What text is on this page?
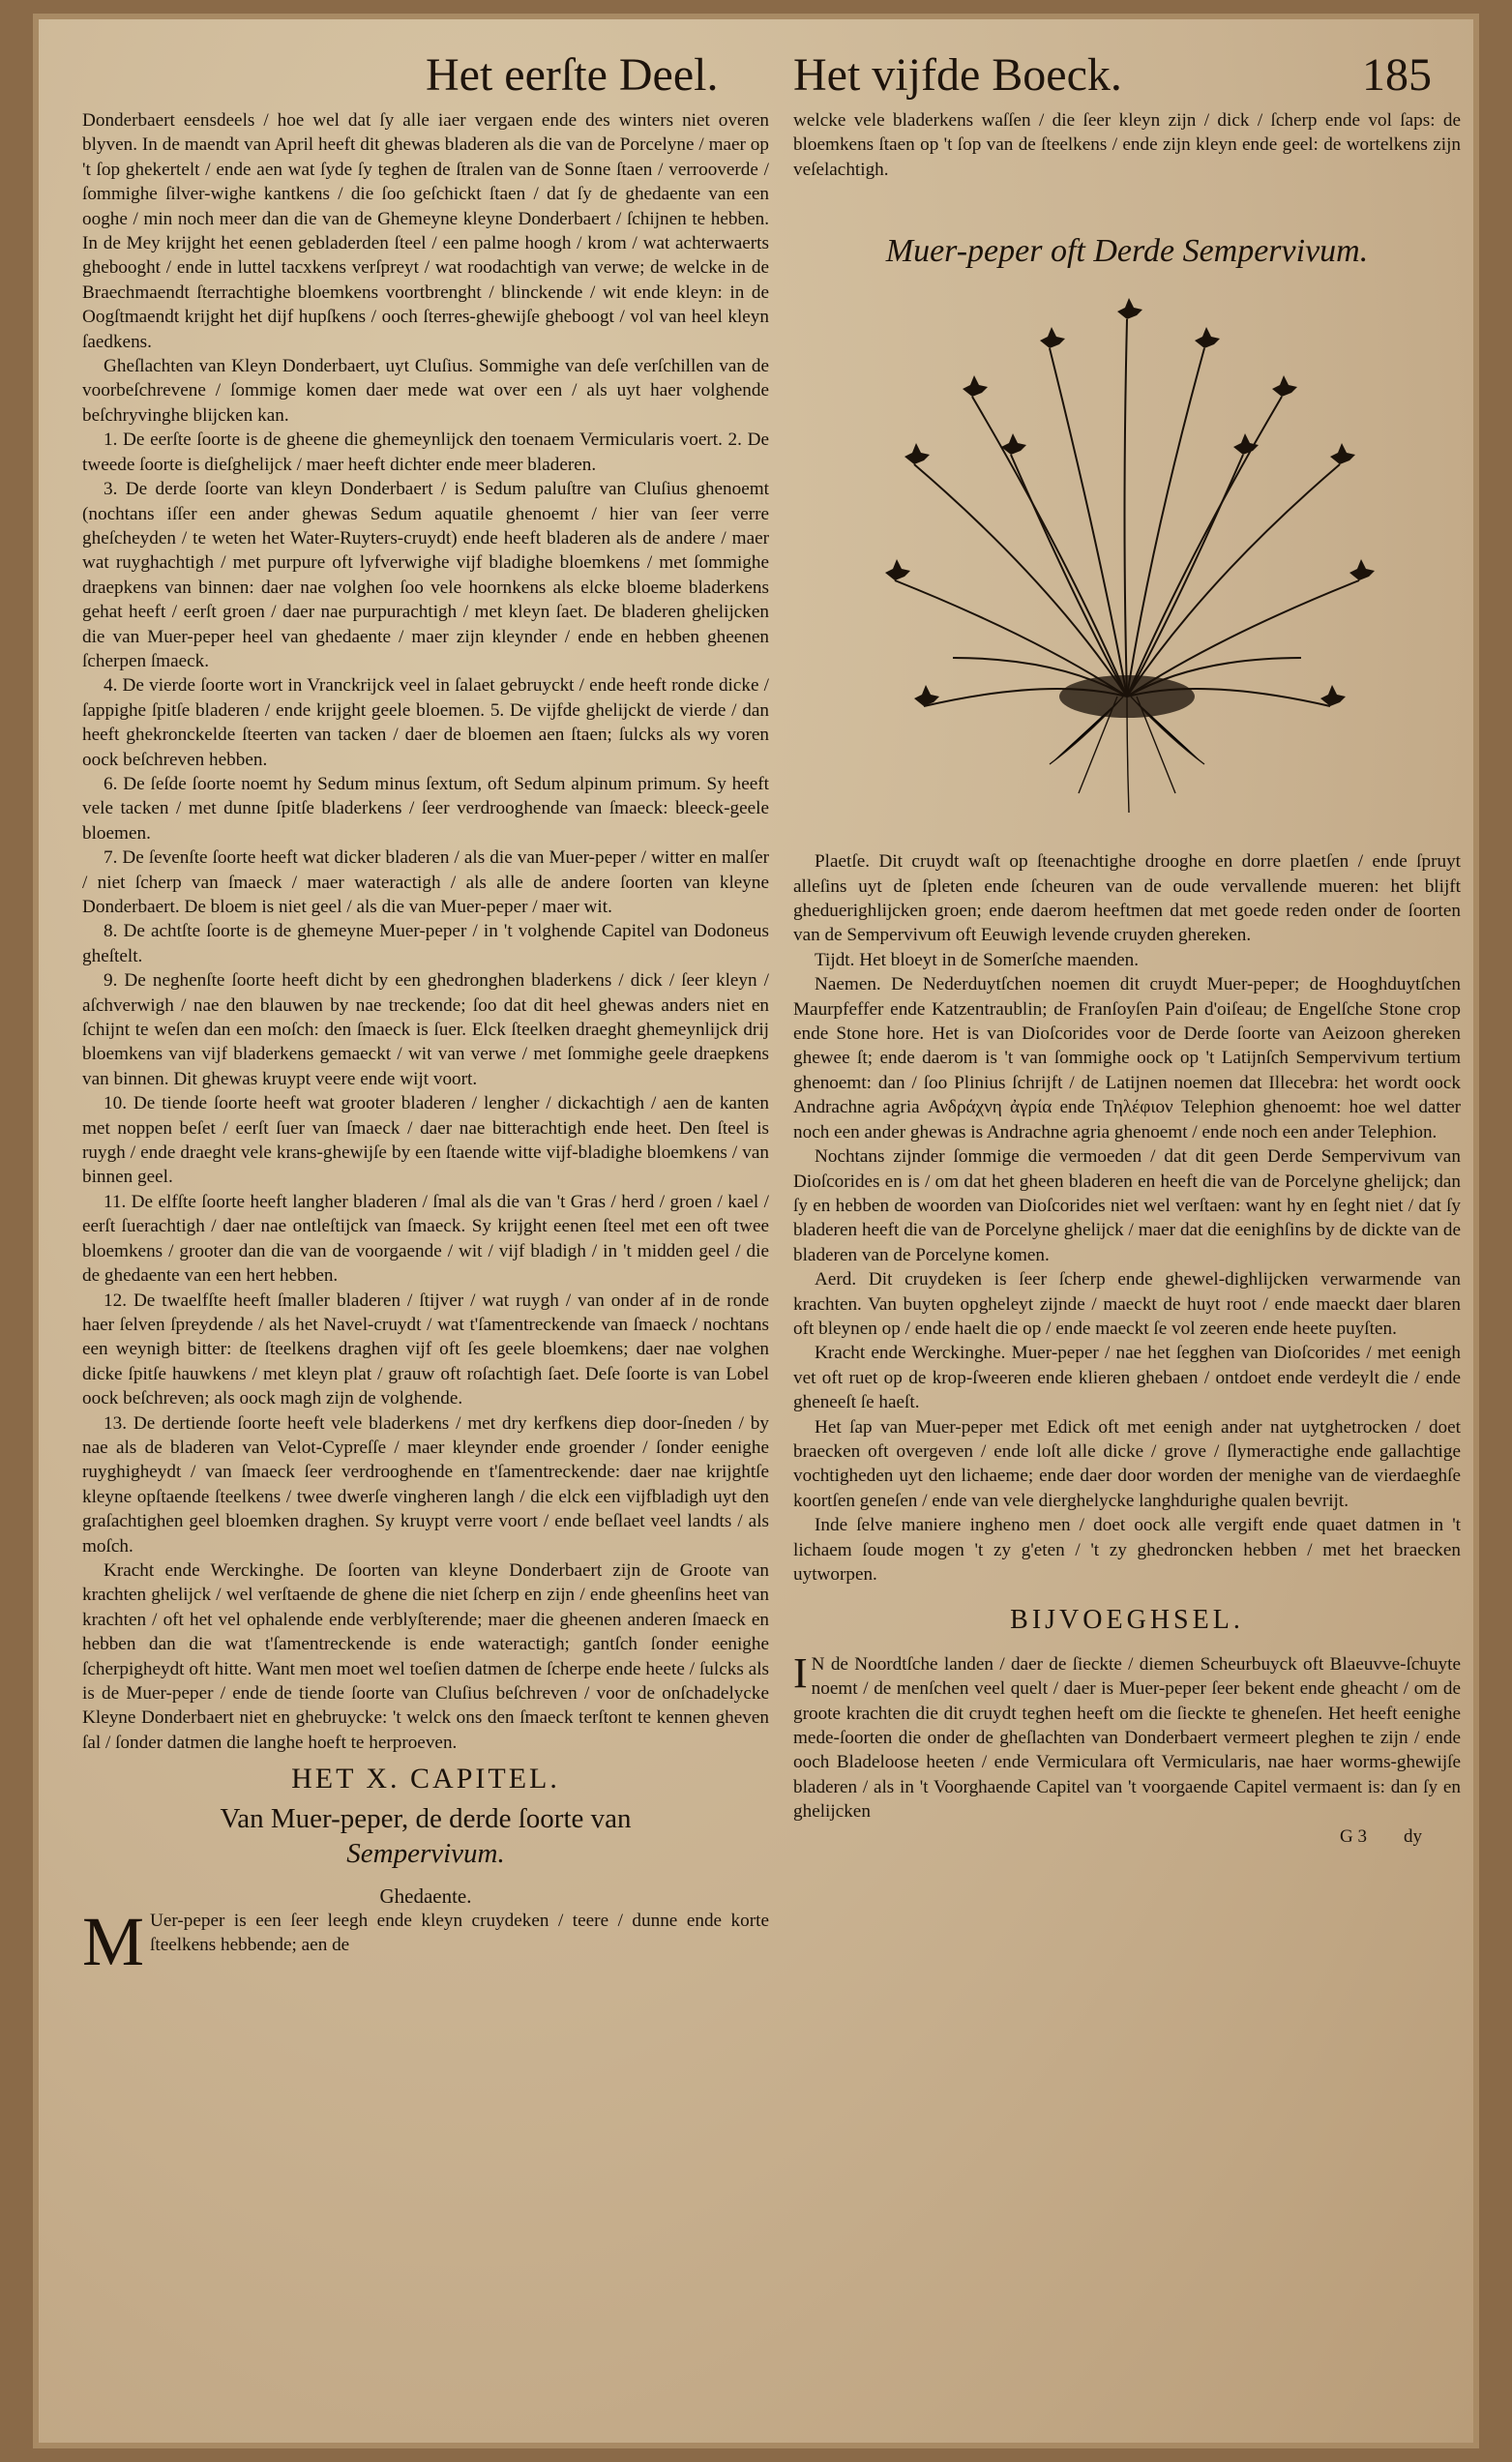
Het eerſte Deel. Het vijfde Boeck.	185

Donderbaert eensdeels / hoe wel dat ſy alle iaer vergaen ende des winters niet overen blyven. In de maendt van April heeft dit ghewas bladeren als die van de Porcelyne / maer op 't ſop ghekertelt / ende aen wat ſyde ſy teghen de ſtralen van de Sonne ſtaen / verrooverde / ſommighe ſilver-wighe kantkens / die ſoo geſchickt ſtaen / dat ſy de ghedaente van een ooghe / min noch meer dan die van de Ghemeyne kleyne Donderbaert / ſchijnen te hebben. In de Mey krijght het eenen gebladerden ſteel / een palme hoogh / krom / wat achterwaerts ghebooght / ende in luttel tacxkens verſpreyt / wat roodachtigh van verwe; de welcke in de Braechmaendt ſterrachtighe bloemkens voortbrenght / blinckende / wit ende kleyn: in de Oogſtmaendt krijght het dijf hupſkens / ooch ſterres-ghewijſe gheboogt / vol van heel kleyn ſaedkens.

Gheſlachten van Kleyn Donderbaert, uyt Cluſius. Sommighe van deſe verſchillen van de voorbeſchrevene / ſommige komen daer mede wat over een / als uyt haer volghende beſchryvinghe blijcken kan.

1. De eerſte ſoorte is de gheene die ghemeynlijck den toenaem Vermicularis voert. 2. De tweede ſoorte is dieſghelijck / maer heeft dichter ende meer bladeren.

3. De derde ſoorte van kleyn Donderbaert / is Sedum paluſtre van Cluſius ghenoemt (nochtans iſſer een ander ghewas Sedum aquatile ghenoemt / hier van ſeer verre gheſcheyden / te weten het Water-Ruyters-cruydt) ende heeft bladeren als de andere / maer wat ruyghachtigh / met purpure oft lyfverwighe vijf bladighe bloemkens / met ſommighe draepkens van binnen: daer nae volghen ſoo vele hoornkens als elcke bloeme bladerkens gehat heeft / eerſt groen / daer nae purpurachtigh / met kleyn ſaet. De bladeren ghelijcken die van Muer-peper heel van ghedaente / maer zijn kleynder / ende en hebben gheenen ſcherpen ſmaeck.

4. De vierde ſoorte wort in Vranckrijck veel in ſalaet gebruyckt / ende heeft ronde dicke / ſappighe ſpitſe bladeren / ende krijght geele bloemen. 5. De vijfde ghelijckt de vierde / dan heeft ghekronckelde ſteerten van tacken / daer de bloemen aen ſtaen; ſulcks als wy voren oock beſchreven hebben.

6. De ſeſde ſoorte noemt hy Sedum minus ſextum, oft Sedum alpinum primum. Sy heeft vele tacken / met dunne ſpitſe bladerkens / ſeer verdrooghende van ſmaeck: bleeck-geele bloemen.

7. De ſevenſte ſoorte heeft wat dicker bladeren / als die van Muer-peper / witter en malſer / niet ſcherp van ſmaeck / maer wateractigh / als alle de andere ſoorten van kleyne Donderbaert. De bloem is niet geel / als die van Muer-peper / maer wit.

8. De achtſte ſoorte is de ghemeyne Muer-peper / in 't volghende Capitel van Dodoneus gheſtelt.

9. De neghenſte ſoorte heeft dicht by een ghedronghen bladerkens / dick / ſeer kleyn / aſchverwigh / nae den blauwen by nae treckende; ſoo dat dit heel ghewas anders niet en ſchijnt te weſen dan een moſch: den ſmaeck is ſuer. Elck ſteelken draeght ghemeynlijck drij bloemkens van vijf bladerkens gemaeckt / wit van verwe / met ſommighe geele draepkens van binnen. Dit ghewas kruypt veere ende wijt voort.

10. De tiende ſoorte heeft wat grooter bladeren / lengher / dickachtigh / aen de kanten met noppen beſet / eerſt ſuer van ſmaeck / daer nae bitterachtigh ende heet. Den ſteel is ruygh / ende draeght vele krans-ghewijſe by een ſtaende witte vijf-bladighe bloemkens / van binnen geel.

11. De elfſte ſoorte heeft langher bladeren / ſmal als die van 't Gras / herd / groen / kael / eerſt ſuerachtigh / daer nae ontleſtijck van ſmaeck. Sy krijght eenen ſteel met een oft twee bloemkens / grooter dan die van de voorgaende / wit / vijf bladigh / in 't midden geel / die de ghedaente van een hert hebben.

12. De twaelfſte heeft ſmaller bladeren / ſtijver / wat ruygh / van onder af in de ronde haer ſelven ſpreydende / als het Navel-cruydt / wat t'ſamentreckende van ſmaeck / nochtans een weynigh bitter: de ſteelkens draghen vijf oft ſes geele bloemkens; daer nae volghen dicke ſpitſe hauwkens / met kleyn plat / grauw oft roſachtigh ſaet. Deſe ſoorte is van Lobel oock beſchreven; als oock magh zijn de volghende.

13. De dertiende ſoorte heeft vele bladerkens / met dry kerfkens diep door-ſneden / by nae als de bladeren van Velot-Cypreſſe / maer kleynder ende groender / ſonder eenighe ruyghigheydt / van ſmaeck ſeer verdrooghende en t'ſamentreckende: daer nae krijghtſe kleyne opſtaende ſteelkens / twee dwerſe vingheren langh / die elck een vijfbladigh uyt den graſachtighen geel bloemken draghen. Sy kruypt verre voort / ende beſlaet veel landts / als moſch.

Kracht ende Werckinghe. De ſoorten van kleyne Donderbaert zijn de Groote van krachten ghelijck / wel verſtaende de ghene die niet ſcherp en zijn / ende gheenſins heet van krachten / oft het vel ophalende ende verblyſterende; maer die gheenen anderen ſmaeck en hebben dan die wat t'ſamentreckende is ende wateractigh; gantſch ſonder eenighe ſcherpigheydt oft hitte. Want men moet wel toeſien datmen de ſcherpe ende heete / ſulcks als is de Muer-peper / ende de tiende ſoorte van Cluſius beſchreven / voor de onſchadelycke Kleyne Donderbaert niet en ghebruycke: 't welck ons den ſmaeck terſtont te kennen gheven ſal / ſonder datmen die langhe hoeft te herproeven.

HET X. CAPITEL.

Van Muer-peper, de derde ſoorte van

Sempervivum.

Ghedaente.

M Uer-peper is een ſeer leegh ende kleyn cruydeken / teere / dunne ende korte ſteelkens hebbende; aen de

welcke vele bladerkens waſſen / die ſeer kleyn zijn / dick / ſcherp ende vol ſaps: de bloemkens ſtaen op 't ſop van de ſteelkens / ende zijn kleyn ende geel: de wortelkens zijn veſelachtigh.

Muer-peper oft Derde Sempervivum.

Plaetſe. Dit cruydt waſt op ſteenachtighe drooghe en dorre plaetſen / ende ſpruyt alleſins uyt de ſpleten ende ſcheuren van de oude vervallende mueren: het blijft gheduerighlijcken groen; ende daerom heeftmen dat met goede reden onder de ſoorten van de Sempervivum oft Eeuwigh levende cruyden ghereken.

Tijdt. Het bloeyt in de Somerſche maenden.

Naemen. De Nederduytſchen noemen dit cruydt Muer-peper; de Hooghduytſchen Maurpfeffer ende Katzentraublin; de Franſoyſen Pain d'oiſeau; de Engelſche Stone crop ende Stone hore. Het is van Dioſcorides voor de Derde ſoorte van Aeizoon ghereken ghewee ſt; ende daerom is 't van ſommighe oock op 't Latijnſch Sempervivum tertium ghenoemt: dan / ſoo Plinius ſchrijft / de Latijnen noemen dat Illecebra: het wordt oock Andrachne agria Ανδράχνη ἀγρία ende Τηλέφιον Telephion ghenoemt: hoe wel datter noch een ander ghewas is Andrachne agria ghenoemt / ende noch een ander Telephion.

Nochtans zijnder ſommige die vermoeden / dat dit geen Derde Sempervivum van Dioſcorides en is / om dat het gheen bladeren en heeft die van de Porcelyne ghelijck; dan ſy en hebben de woorden van Dioſcorides niet wel verſtaen: want hy en ſeght niet / dat ſy bladeren heeft die van de Porcelyne ghelijck / maer dat die eenighſins by de dickte van de bladeren van de Porcelyne komen.

Aerd. Dit cruydeken is ſeer ſcherp ende ghewel-dighlijcken verwarmende van krachten. Van buyten opgheleyt zijnde / maeckt de huyt root / ende maeckt daer blaren oft bleynen op / ende haelt die op / ende maeckt ſe vol zeeren ende heete puyſten.

Kracht ende Werckinghe. Muer-peper / nae het ſegghen van Dioſcorides / met eenigh vet oft ruet op de krop-ſweeren ende klieren ghebaen / ontdoet ende verdeylt die / ende gheneeſt ſe haeſt.

Het ſap van Muer-peper met Edick oft met eenigh ander nat uytghetrocken / doet braecken oft overgeven / ende loſt alle dicke / grove / ſlymeractighe ende gallachtige vochtigheden uyt den lichaeme; ende daer door worden der menighe van de vierdaeghſe koortſen geneſen / ende van vele dierghelycke langhdurighe qualen bevrijt.

Inde ſelve maniere ingheno men / doet oock alle vergift ende quaet datmen in 't lichaem ſoude mogen 't zy g'eten / 't zy ghedroncken hebben / met het braecken uytworpen.

BIJVOEGHSEL.

I N de Noordtſche landen / daer de ſieckte / diemen Scheurbuyck oft Blaeuvve-ſchuyte noemt / de menſchen veel quelt / daer is Muer-peper ſeer bekent ende gheacht / om de groote krachten die dit cruydt teghen heeft om die ſieckte te gheneſen. Het heeft eenighe mede-ſoorten die onder de gheſlachten van Donderbaert vermeert pleghen te zijn / ende ooch Bladeloose heeten / ende Vermiculara oft Vermicularis, nae haer worms-ghewijſe bladeren / als in 't Voorghaende Capitel van 't voorgaende Capitel vermaent is: dan ſy en ghelijcken

G 3 dy
